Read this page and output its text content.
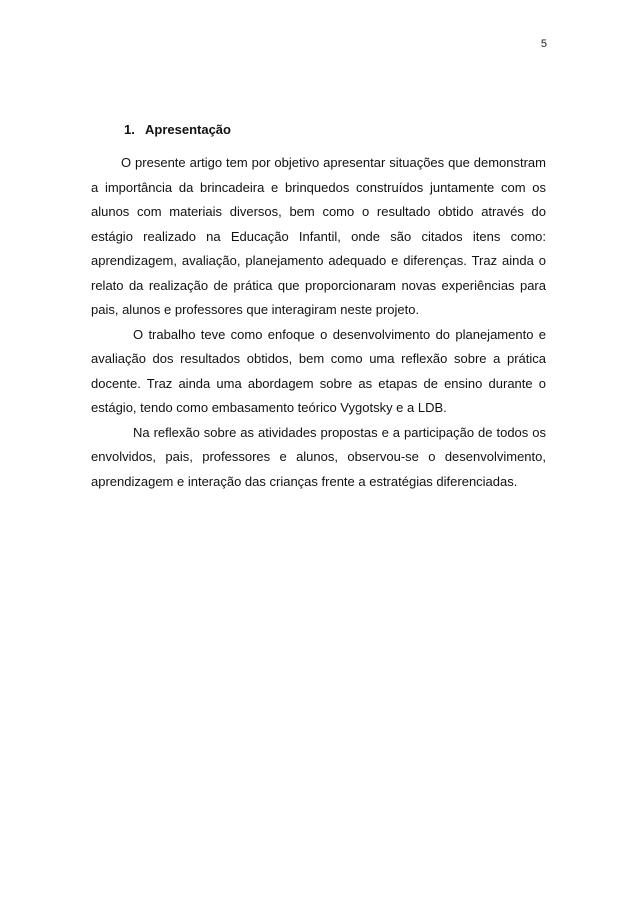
5
1. Apresentação

O presente artigo tem por objetivo apresentar situações que demonstram a importância da brincadeira e brinquedos construídos juntamente com os alunos com materiais diversos, bem como o resultado obtido através do estágio realizado na Educação Infantil, onde são citados itens como: aprendizagem, avaliação, planejamento adequado e diferenças. Traz ainda o relato da realização de prática que proporcionaram novas experiências para pais, alunos e professores que interagiram neste projeto.

O trabalho teve como enfoque o desenvolvimento do planejamento e avaliação dos resultados obtidos, bem como uma reflexão sobre a prática docente. Traz ainda uma abordagem sobre as etapas de ensino durante o estágio, tendo como embasamento teórico Vygotsky e a LDB.

Na reflexão sobre as atividades propostas e a participação de todos os envolvidos, pais, professores e alunos, observou-se o desenvolvimento, aprendizagem e interação das crianças frente a estratégias diferenciadas.
